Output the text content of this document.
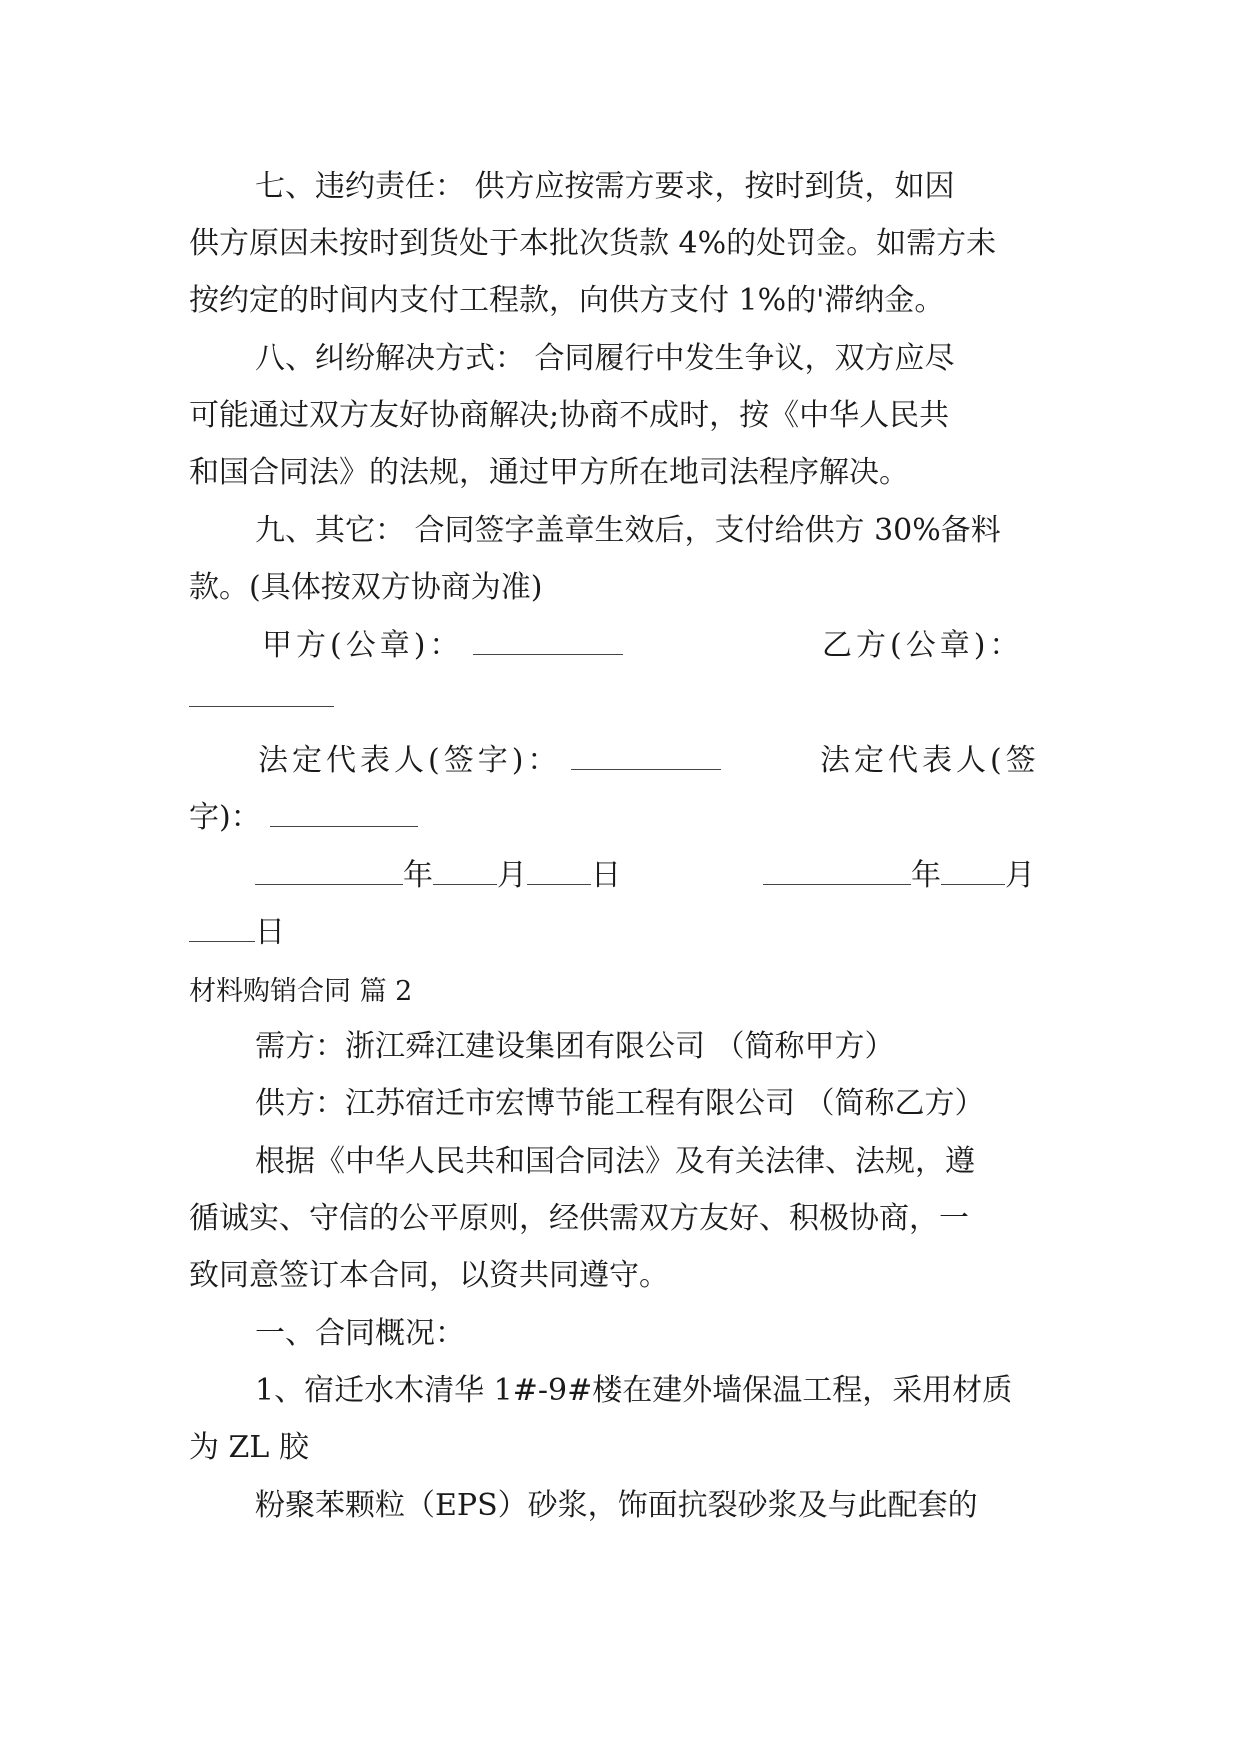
七、违约责任： 供方应按需方要求，按时到货，如因
供方原因未按时到货处于本批次货款 4%的处罚金。如需方未
按约定的时间内支付工程款，向供方支付 1%的'滞纳金。
八、纠纷解决方式： 合同履行中发生争议，双方应尽
可能通过双方友好协商解决;协商不成时，按《中华人民共
和国合同法》的法规，通过甲方所在地司法程序解决。
九、其它： 合同签字盖章生效后，支付给供方 30%备料
款。(具体按双方协商为准)
甲方(公章)：	乙方(公章)：
法定代表人(签字)：	法定代表人(签
字)：
年 月 日	年 月
日
材料购销合同 篇 2
需方：浙江舜江建设集团有限公司 （简称甲方）
供方：江苏宿迁市宏博节能工程有限公司 （简称乙方）
根据《中华人民共和国合同法》及有关法律、法规，遵
循诚实、守信的公平原则，经供需双方友好、积极协商，一
致同意签订本合同，以资共同遵守。
一、合同概况：
1、宿迁水木清华 1#-9#楼在建外墙保温工程，采用材质
为 ZL 胶
粉聚苯颗粒（EPS）砂浆，饰面抗裂砂浆及与此配套的
